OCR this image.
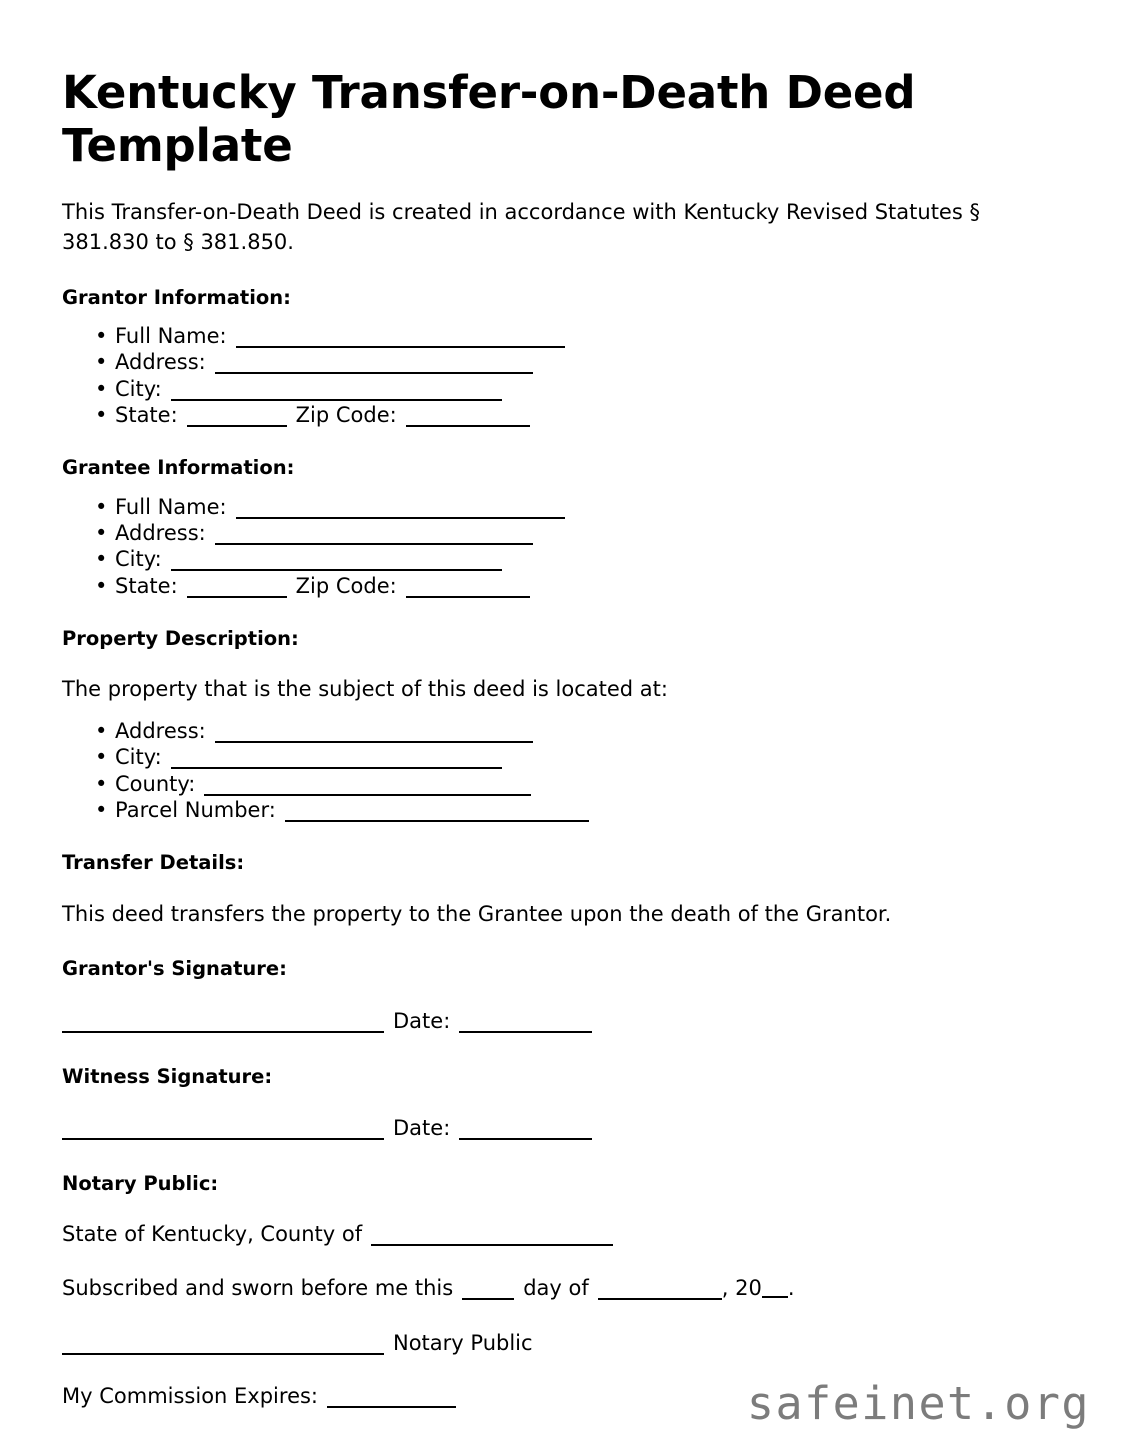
Kentucky Transfer-on-Death Deed Template

This Transfer-on-Death Deed is created in accordance with Kentucky Revised Statutes § 381.830 to § 381.850.

Grantor Information:
• Full Name:
• Address:
• City:
• State:	Zip Code:
Grantee Information:
• Full Name:
• Address:
• City:
• State:	Zip Code:
Property Description:

The property that is the subject of this deed is located at:

• Address:
• City:
• County:
• Parcel Number:
Transfer Details:

This deed transfers the property to the Grantee upon the death of the Grantor.

Grantor's Signature:

Date:

Witness Signature:

Date:

Notary Public:

State of Kentucky, County of

Subscribed and sworn before me this	day of	, 20 .

Notary Public

My Commission Expires:	safeinet.org
